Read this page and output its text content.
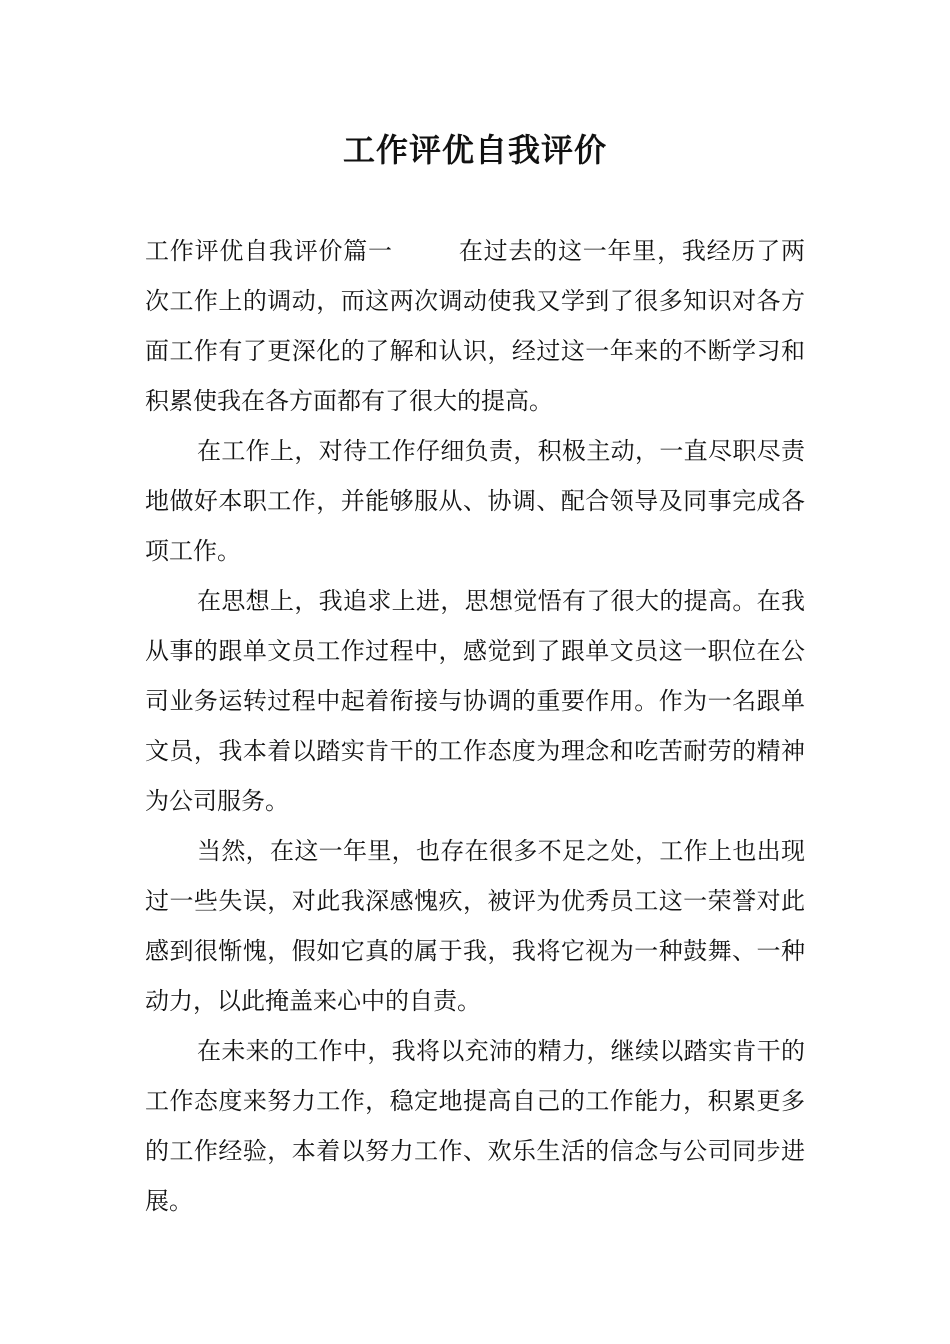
工作评优自我评价

工作评优自我评价篇一	在过去的这一年里，我经历了两次工作上的调动，而这两次调动使我又学到了很多知识对各方面工作有了更深化的了解和认识，经过这一年来的不断学习和积累使我在各方面都有了很大的提高。

在工作上，对待工作仔细负责，积极主动，一直尽职尽责地做好本职工作，并能够服从、协调、配合领导及同事完成各项工作。

在思想上，我追求上进，思想觉悟有了很大的提高。在我从事的跟单文员工作过程中，感觉到了跟单文员这一职位在公司业务运转过程中起着衔接与协调的重要作用。作为一名跟单文员，我本着以踏实肯干的工作态度为理念和吃苦耐劳的精神为公司服务。

当然，在这一年里，也存在很多不足之处，工作上也出现过一些失误，对此我深感愧疚，被评为优秀员工这一荣誉对此感到很惭愧，假如它真的属于我，我将它视为一种鼓舞、一种动力，以此掩盖来心中的自责。

在未来的工作中，我将以充沛的精力，继续以踏实肯干的工作态度来努力工作，稳定地提高自己的工作能力，积累更多的工作经验，本着以努力工作、欢乐生活的信念与公司同步进展。
